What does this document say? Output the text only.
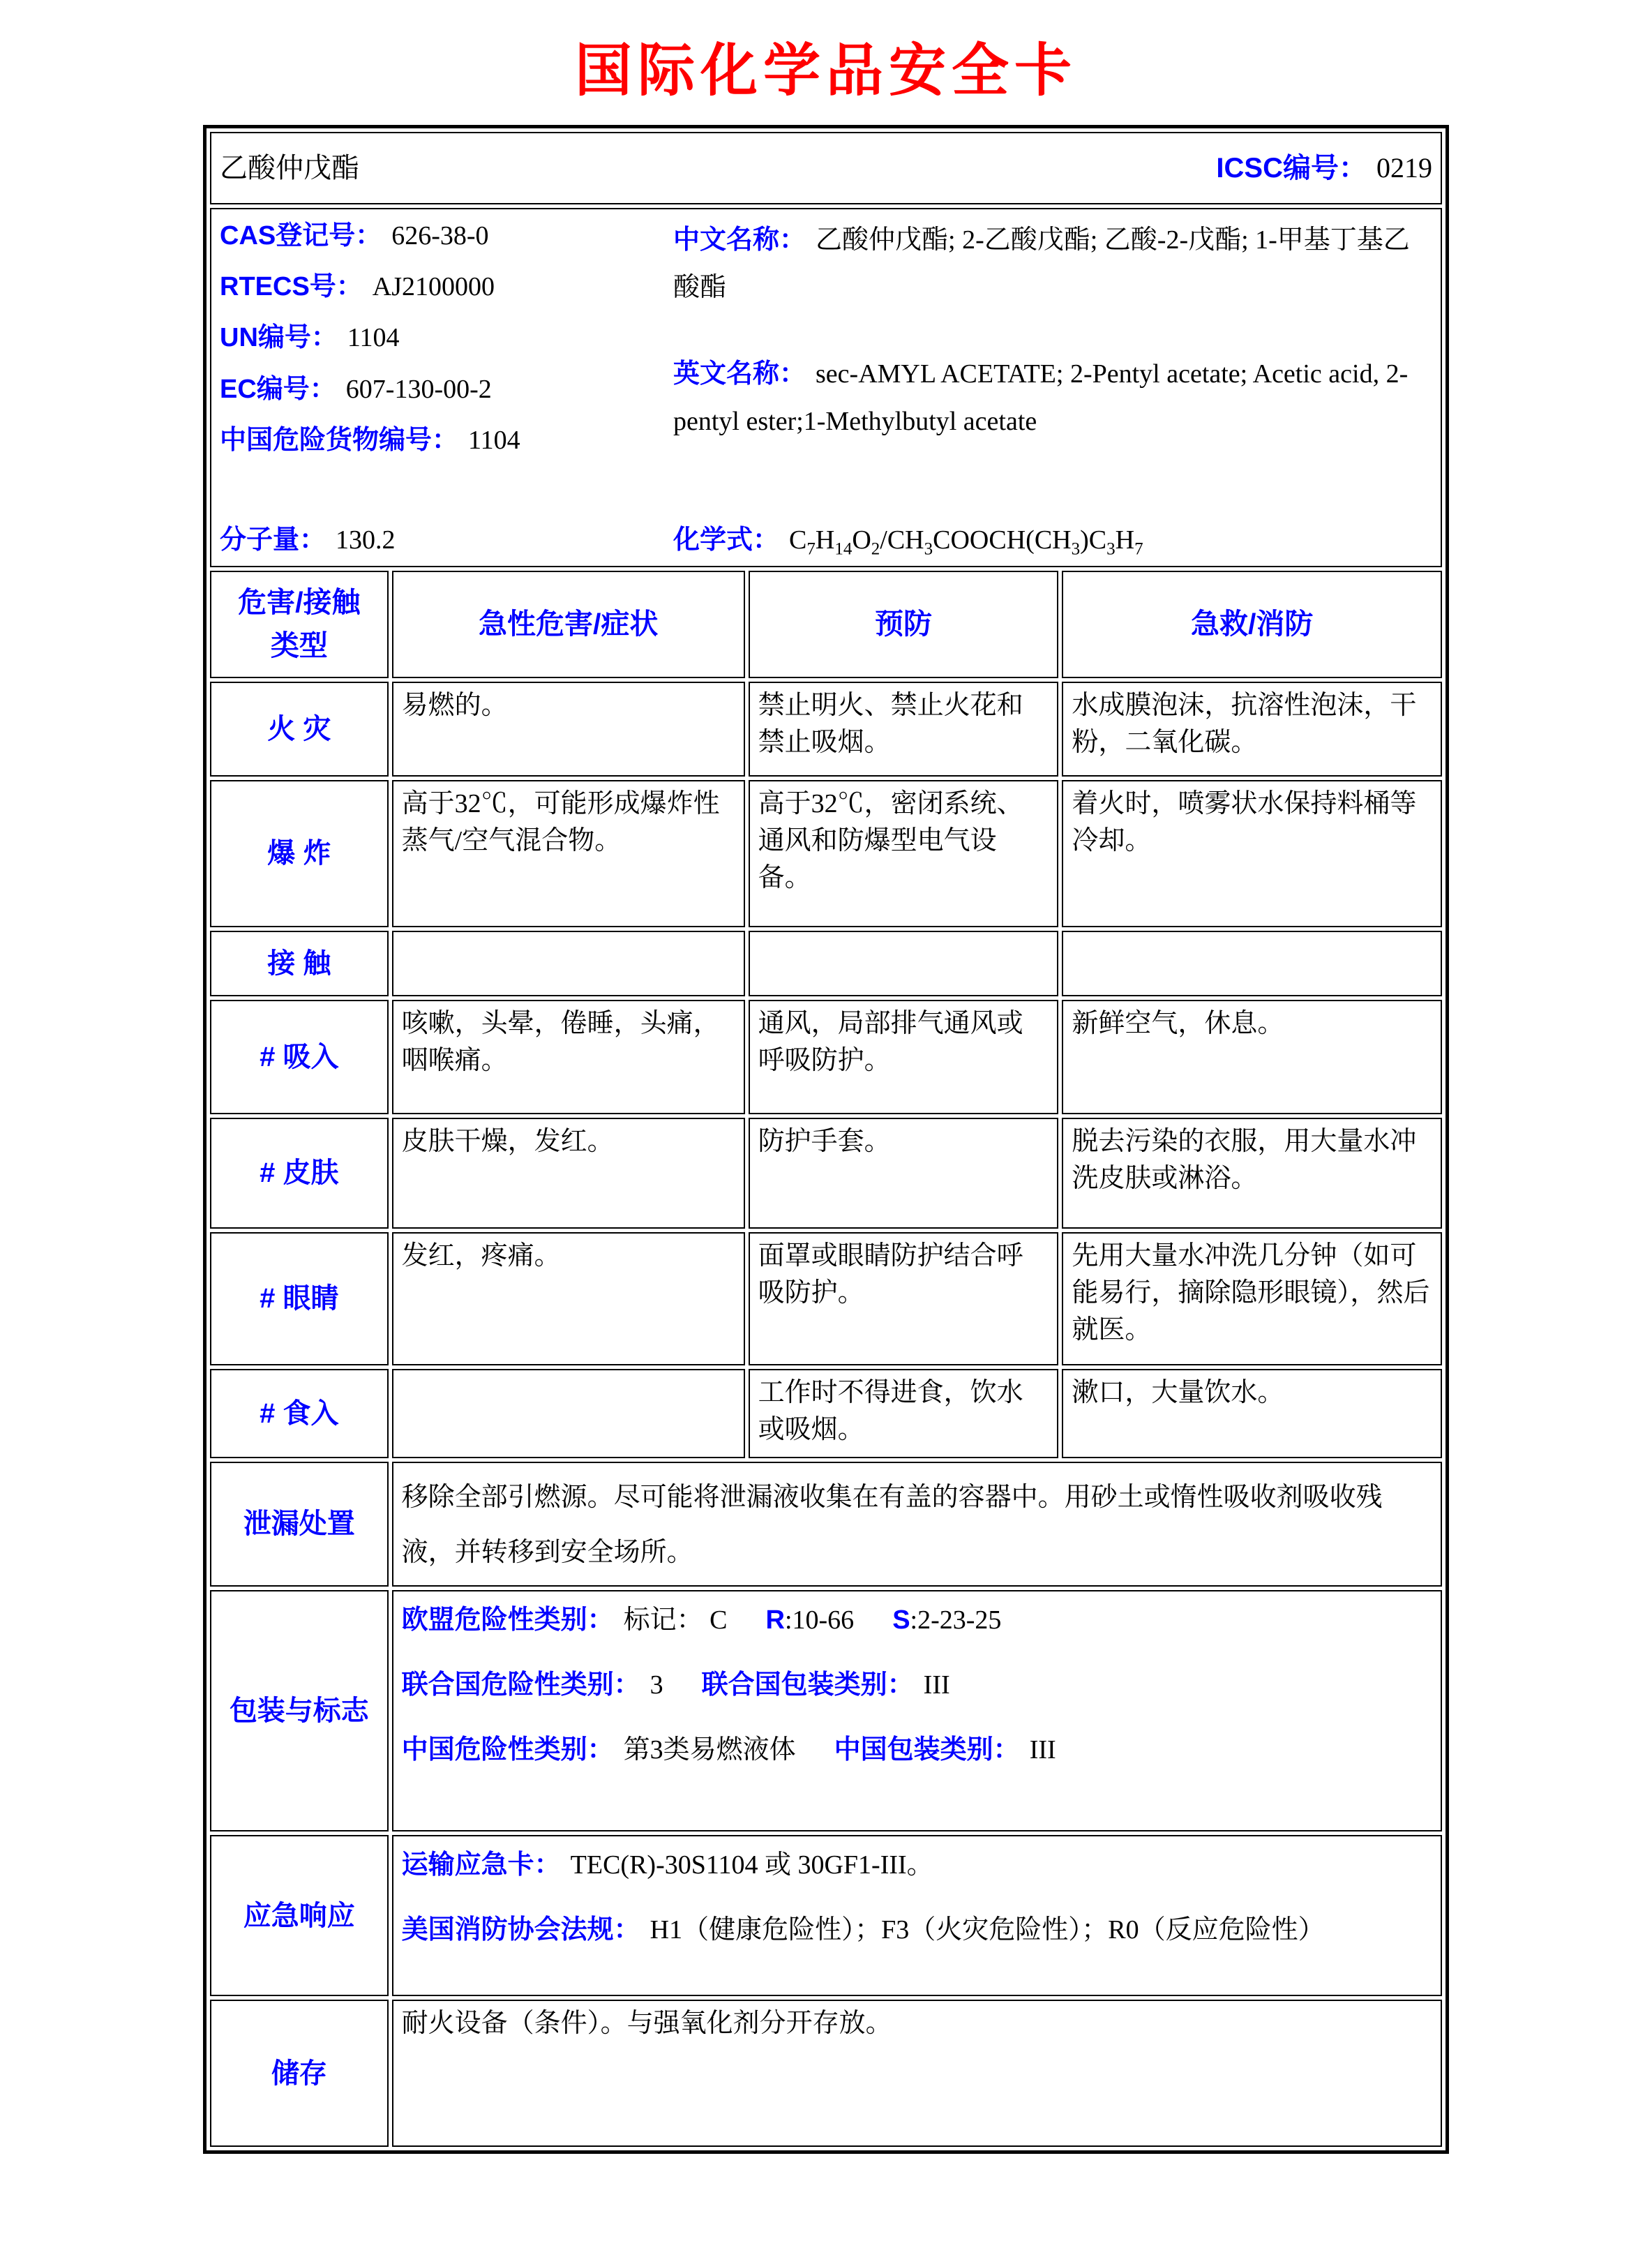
国际化学品安全卡
乙酸仲戊酯 ICSC编号： 0219			

CAS登记号： 626-38-0
RTECS号： AJ2100000
UN编号： 1104
EC编号： 607-130-00-2
中国危险货物编号： 1104

中文名称： 乙酸仲戊酯; 2-乙酸戊酯; 乙酸-2-戊酯; 1-甲基丁基乙酸酯

英文名称： sec-AMYL ACETATE; 2-Pentyl acetate; Acetic acid, 2-pentyl ester;1-Methylbutyl acetate

分子量： 130.2	化学式： $C_7H_{14}O_2/CH_3COOCH(CH_3)C_3H_7$

危害/接触
类型	急性危害/症状	预防	急救/消防
火 灾	易燃的。	禁止明火、禁止火花和禁止吸烟。	水成膜泡沫，抗溶性泡沫，干粉，二氧化碳。
爆 炸	高于32℃，可能形成爆炸性蒸气/空气混合物。	高于32℃，密闭系统、通风和防爆型电气设备。	着火时，喷雾状水保持料桶等冷却。
接 触			
# 吸入	咳嗽，头晕，倦睡，头痛，咽喉痛。	通风，局部排气通风或呼吸防护。	新鲜空气，休息。
# 皮肤	皮肤干燥，发红。	防护手套。	脱去污染的衣服，用大量水冲洗皮肤或淋浴。
# 眼睛	发红，疼痛。	面罩或眼睛防护结合呼吸防护。	先用大量水冲洗几分钟（如可能易行，摘除隐形眼镜），然后就医。
# 食入		工作时不得进食，饮水或吸烟。	漱口，大量饮水。
泄漏处置	移除全部引燃源。尽可能将泄漏液收集在有盖的容器中。用砂土或惰性吸收剂吸收残液，并转移到安全场所。		
包装与标志	欧盟危险性类别： 标记： C R:10-66 S:2-23-25

联合国危险性类别： 3 联合国包装类别： III

中国危险性类别： 第3类易燃液体 中国包装类别： III		

应急响应	运输应急卡： TEC(R)-30S1104 或 30GF1-III。

美国消防协会法规： H1（健康危险性）；F3（火灾危险性）；R0（反应危险性）		

储存	耐火设备（条件）。与强氧化剂分开存放。		
